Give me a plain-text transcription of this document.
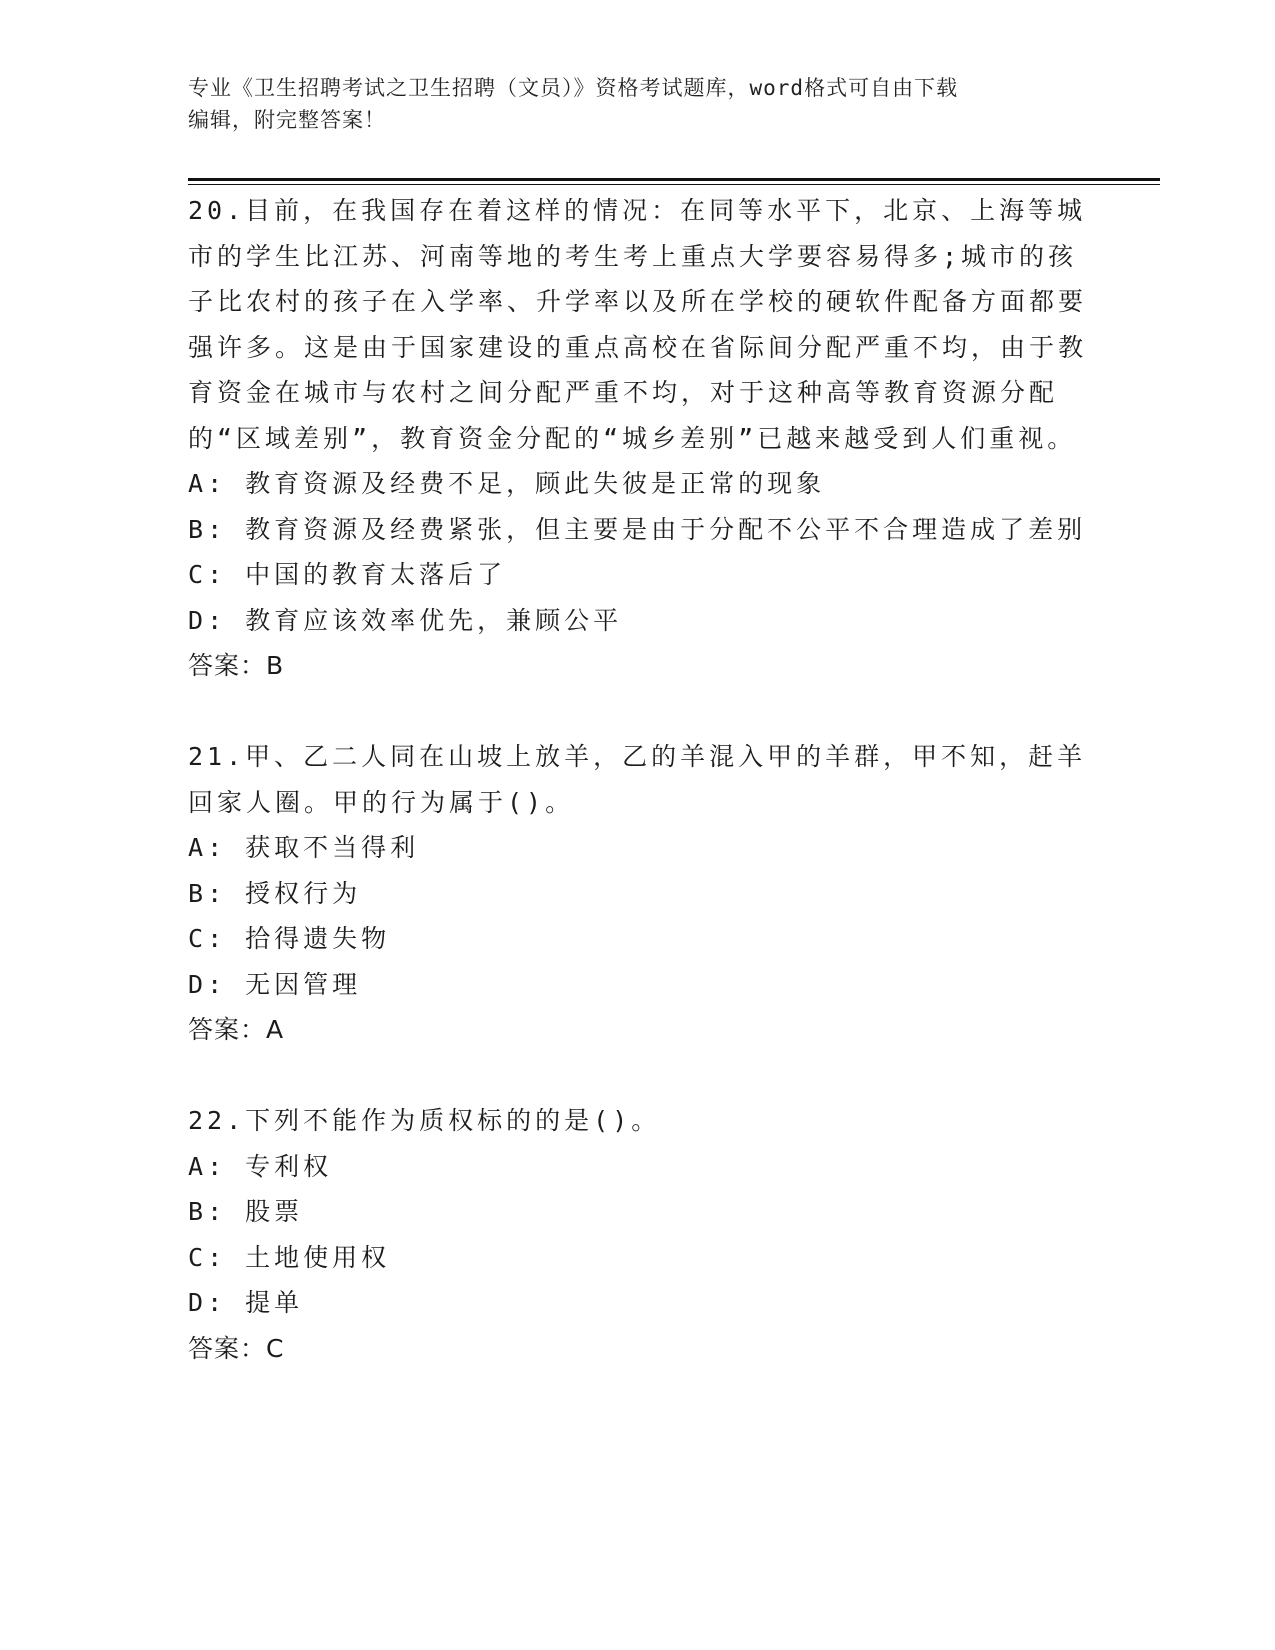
专业《卫生招聘考试之卫生招聘（文员）》资格考试题库，word格式可自由下载
编辑，附完整答案！
20.目前，在我国存在着这样的情况：在同等水平下，北京、上海等城市的学生比江苏、河南等地的考生考上重点大学要容易得多;城市的孩子比农村的孩子在入学率、升学率以及所在学校的硬软件配备方面都要强许多。这是由于国家建设的重点高校在省际间分配严重不均，由于教育资金在城市与农村之间分配严重不均，对于这种高等教育资源分配的“区域差别”，教育资金分配的“城乡差别”已越来越受到人们重视。
A: 教育资源及经费不足，顾此失彼是正常的现象
B: 教育资源及经费紧张，但主要是由于分配不公平不合理造成了差别
C: 中国的教育太落后了
D: 教育应该效率优先，兼顾公平
答案：B
21.甲、乙二人同在山坡上放羊，乙的羊混入甲的羊群，甲不知，赶羊回家人圈。甲的行为属于()。
A: 获取不当得利
B: 授权行为
C: 拾得遗失物
D: 无因管理
答案：A
22.下列不能作为质权标的的是()。
A: 专利权
B: 股票
C: 土地使用权
D: 提单
答案：C
